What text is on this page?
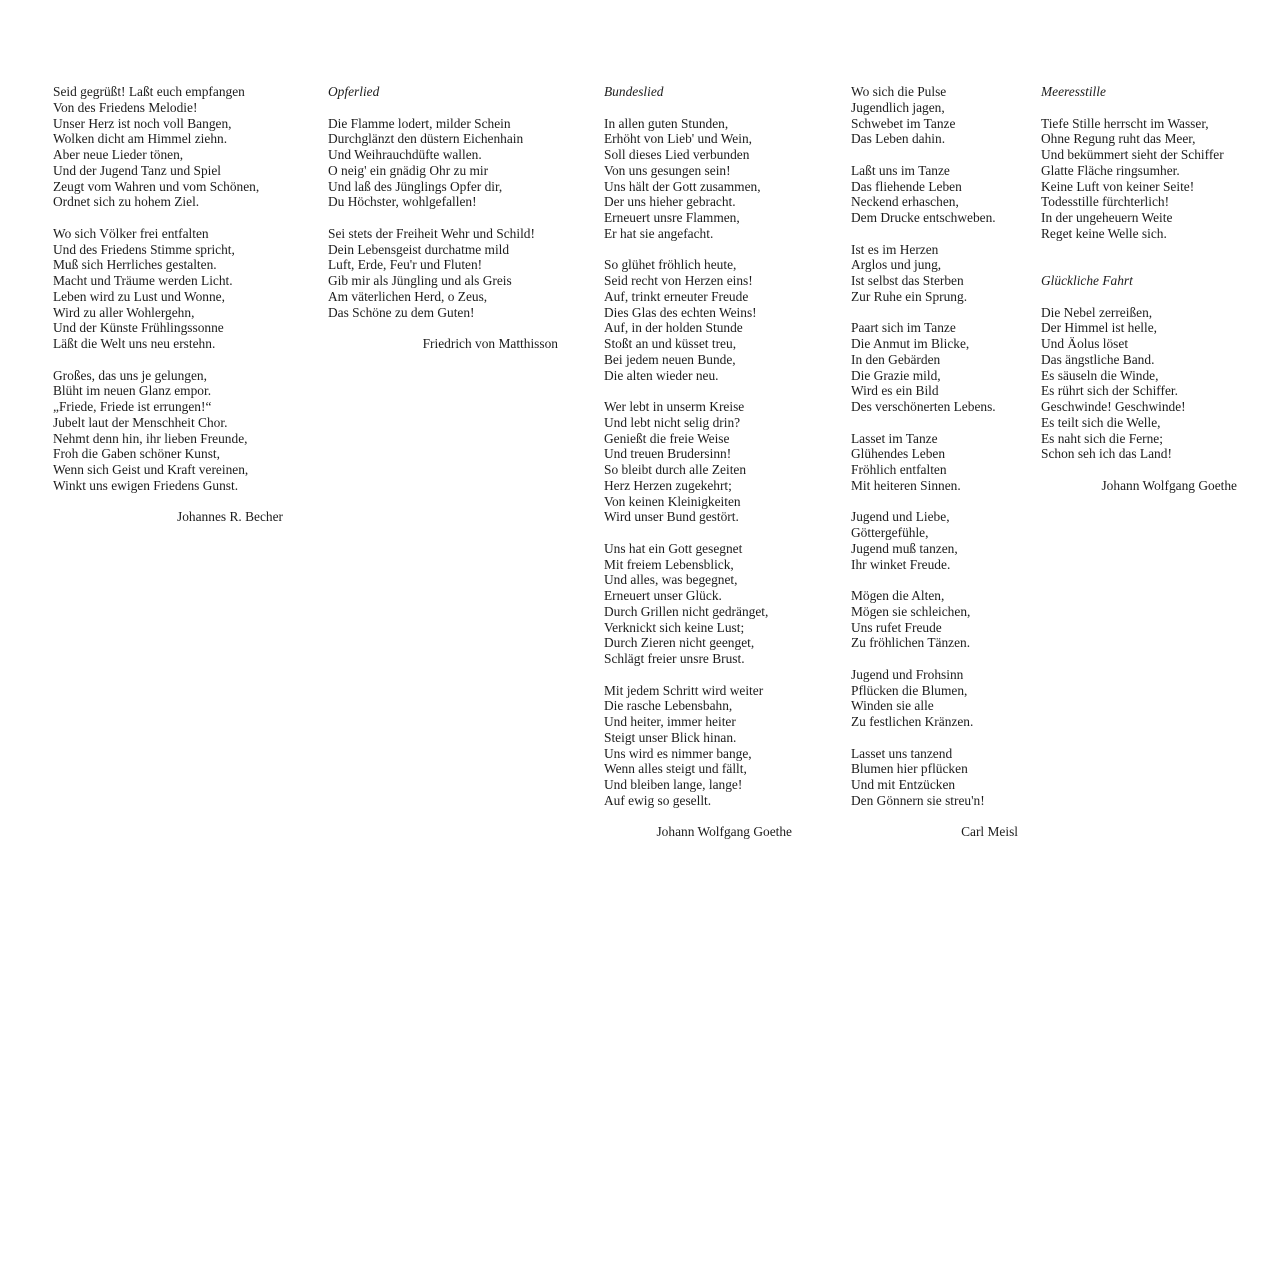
Seid gegrüßt! Laßt euch empfangen
Von des Friedens Melodie!
Unser Herz ist noch voll Bangen,
Wolken dicht am Himmel ziehn.
Aber neue Lieder tönen,
Und der Jugend Tanz und Spiel
Zeugt vom Wahren und vom Schönen,
Ordnet sich zu hohem Ziel.
Wo sich Völker frei entfalten
Und des Friedens Stimme spricht,
Muß sich Herrliches gestalten.
Macht und Träume werden Licht.
Leben wird zu Lust und Wonne,
Wird zu aller Wohlergehn,
Und der Künste Frühlingssonne
Läßt die Welt uns neu erstehn.
Großes, das uns je gelungen,
Blüht im neuen Glanz empor.
„Friede, Friede ist errungen!“
Jubelt laut der Menschheit Chor.
Nehmt denn hin, ihr lieben Freunde,
Froh die Gaben schöner Kunst,
Wenn sich Geist und Kraft vereinen,
Winkt uns ewigen Friedens Gunst.
Johannes R. Becher
Opferlied
Die Flamme lodert, milder Schein
Durchglänzt den düstern Eichenhain
Und Weihrauchdüfte wallen.
O neig' ein gnädig Ohr zu mir
Und laß des Jünglings Opfer dir,
Du Höchster, wohlgefallen!
Sei stets der Freiheit Wehr und Schild!
Dein Lebensgeist durchatme mild
Luft, Erde, Feu'r und Fluten!
Gib mir als Jüngling und als Greis
Am väterlichen Herd, o Zeus,
Das Schöne zu dem Guten!
Friedrich von Matthisson
Bundeslied
In allen guten Stunden,
Erhöht von Lieb' und Wein,
Soll dieses Lied verbunden
Von uns gesungen sein!
Uns hält der Gott zusammen,
Der uns hieher gebracht.
Erneuert unsre Flammen,
Er hat sie angefacht.
So glühet fröhlich heute,
Seid recht von Herzen eins!
Auf, trinkt erneuter Freude
Dies Glas des echten Weins!
Auf, in der holden Stunde
Stoßt an und küsset treu,
Bei jedem neuen Bunde,
Die alten wieder neu.
Wer lebt in unserm Kreise
Und lebt nicht selig drin?
Genießt die freie Weise
Und treuen Brudersinn!
So bleibt durch alle Zeiten
Herz Herzen zugekehrt;
Von keinen Kleinigkeiten
Wird unser Bund gestört.
Uns hat ein Gott gesegnet
Mit freiem Lebensblick,
Und alles, was begegnet,
Erneuert unser Glück.
Durch Grillen nicht gedränget,
Verknickt sich keine Lust;
Durch Zieren nicht geenget,
Schlägt freier unsre Brust.
Mit jedem Schritt wird weiter
Die rasche Lebensbahn,
Und heiter, immer heiter
Steigt unser Blick hinan.
Uns wird es nimmer bange,
Wenn alles steigt und fällt,
Und bleiben lange, lange!
Auf ewig so gesellt.
Johann Wolfgang Goethe
Wo sich die Pulse
Jugendlich jagen,
Schwebet im Tanze
Das Leben dahin.
Laßt uns im Tanze
Das fliehende Leben
Neckend erhaschen,
Dem Drucke entschweben.
Ist es im Herzen
Arglos und jung,
Ist selbst das Sterben
Zur Ruhe ein Sprung.
Paart sich im Tanze
Die Anmut im Blicke,
In den Gebärden
Die Grazie mild,
Wird es ein Bild
Des verschönerten Lebens.
Lasset im Tanze
Glühendes Leben
Fröhlich entfalten
Mit heiteren Sinnen.
Jugend und Liebe,
Göttergefühle,
Jugend muß tanzen,
Ihr winket Freude.
Mögen die Alten,
Mögen sie schleichen,
Uns rufet Freude
Zu fröhlichen Tänzen.
Jugend und Frohsinn
Pflücken die Blumen,
Winden sie alle
Zu festlichen Kränzen.
Lasset uns tanzend
Blumen hier pflücken
Und mit Entzücken
Den Gönnern sie streu'n!
Carl Meisl
Meeresstille
Tiefe Stille herrscht im Wasser,
Ohne Regung ruht das Meer,
Und bekümmert sieht der Schiffer
Glatte Fläche ringsumher.
Keine Luft von keiner Seite!
Todesstille fürchterlich!
In der ungeheuern Weite
Reget keine Welle sich.
Glückliche Fahrt
Die Nebel zerreißen,
Der Himmel ist helle,
Und Äolus löset
Das ängstliche Band.
Es säuseln die Winde,
Es rührt sich der Schiffer.
Geschwinde! Geschwinde!
Es teilt sich die Welle,
Es naht sich die Ferne;
Schon seh ich das Land!
Johann Wolfgang Goethe
